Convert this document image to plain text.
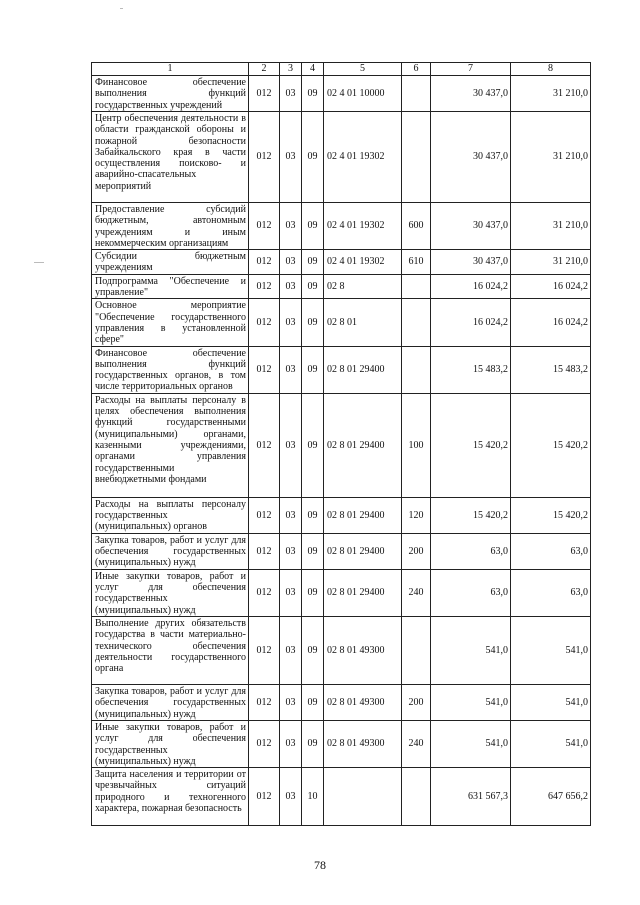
1	2	3	4	5	6	7	8
Финансовое обеспечение выполнения функций государственных учреждений	012	03	09	02 4 01 10000		30 437,0	31 210,0
Центр обеспечения деятельности в области гражданской обороны и пожарной безопасности Забайкальского края в части осуществления поисково- и аварийно-спасательных мероприятий	012	03	09	02 4 01 19302		30 437,0	31 210,0
Предоставление субсидий бюджетным, автономным учреждениям и иным некоммерческим организациям	012	03	09	02 4 01 19302	600	30 437,0	31 210,0
Субсидии бюджетным учреждениям	012	03	09	02 4 01 19302	610	30 437,0	31 210,0
Подпрограмма "Обеспечение и управление"	012	03	09	02 8		16 024,2	16 024,2
Основное мероприятие "Обеспечение государственного управления в установленной сфере"	012	03	09	02 8 01		16 024,2	16 024,2
Финансовое обеспечение выполнения функций государственных органов, в том числе территориальных органов	012	03	09	02 8 01 29400		15 483,2	15 483,2
Расходы на выплаты персоналу в целях обеспечения выполнения функций государственными (муниципальными) органами, казенными учреждениями, органами управления государственными внебюджетными фондами	012	03	09	02 8 01 29400	100	15 420,2	15 420,2
Расходы на выплаты персоналу государственных (муниципальных) органов	012	03	09	02 8 01 29400	120	15 420,2	15 420,2
Закупка товаров, работ и услуг для обеспечения государственных (муниципальных) нужд	012	03	09	02 8 01 29400	200	63,0	63,0
Иные закупки товаров, работ и услуг для обеспечения государственных (муниципальных) нужд	012	03	09	02 8 01 29400	240	63,0	63,0
Выполнение других обязательств государства в части материально-технического обеспечения деятельности государственного органа	012	03	09	02 8 01 49300		541,0	541,0
Закупка товаров, работ и услуг для обеспечения государственных (муниципальных) нужд	012	03	09	02 8 01 49300	200	541,0	541,0
Иные закупки товаров, работ и услуг для обеспечения государственных (муниципальных) нужд	012	03	09	02 8 01 49300	240	541,0	541,0
Защита населения и территории от чрезвычайных ситуаций природного и техногенного характера, пожарная безопасность	012	03	10			631 567,3	647 656,2
78
